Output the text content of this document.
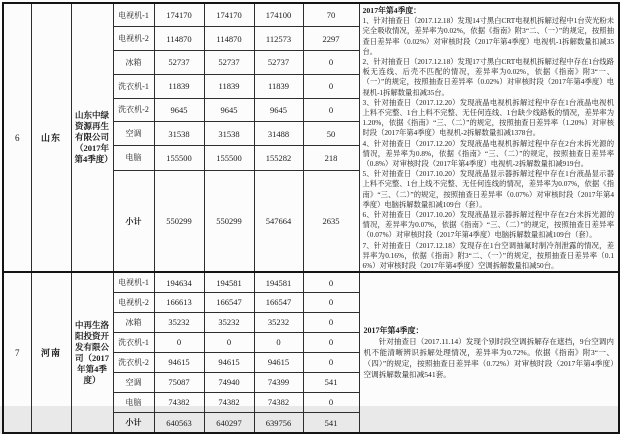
6	山东	山东中绿资源再生有限公司（2017年第4季度）	电视机-1	174170	174170	174100	70	2017年第4季度：

1、针对抽查日（2017.12.18）发现14寸黑白CRT电视机拆解过程中1台荧光粉未完全吸收情况，差异率为0.02%，依据《指南》附3“二、（一）”的规定，按照抽查日差异率（0.02%）对审核时段（2017年第4季度）电视机-1拆解数量扣减35台。

2、针对抽查日（2017.12.18）发现17寸黑白CRT电视机拆解过程中存在1台线路板无连线、后壳不匹配的情况，差异率为0.02%，依据《指南》附3“一、（一）”的规定，按照抽查日差异率（0.02%）对审核时段（2017年第4季度）电视机-1拆解数量扣减35台。

3、针对抽查日（2017.12.20）发现液晶电视机拆解过程中存在1台液晶电视机上料不完整、1台上料不完整、无任何连线、1台缺少线路板的情况，差异率为1.20%，依据《指南》“三、（二）”的规定，按照抽查日差异率（1.20%）对审核时段（2017年第4季度）电视机-2拆解数量扣减1378台。

4、针对抽查日（2017.12.20）发现液晶电视机拆解过程中存在2台未拆光源的情况，差异率为0.8%，依据《指南》“三、（二）”的规定，按照抽查日差异率（0.8%）对审核时段（2017年第4季度）电视机-2拆解数量扣减919台。

5、针对抽查日（2017.10.20）发现液晶显示器拆解过程中存在1台液晶显示器上料不完整、1台上线不完整、无任何连线的情况，差异率为0.07%，依据《指南》“三、（二）”的规定，按照抽查日差异率（0.07%）对审核时段（2017年第4季度）电脑拆解数量扣减109台（套）。

6、针对抽查日（2017.10.20）发现液晶显示器拆解过程中存在2台未拆光源的情况，差异率为0.07%，依据《指南》“三、（二）”的规定，按照抽查日差异率（0.07%）对审核时段（2017年第4季度）电脑拆解数量扣减109台（套）。

7、针对抽查日（2017.12.18）发现存在1台空调抽氟时制冷剂泄露的情况，差异率为0.16%，依据《指南》附3“二、（一）”的规定，按照抽查日差异率（0.16%）对审核时段（2017年第4季度）空调拆解数量扣减50台。

			电视机-2	114870	114870	112573	2297	
			冰箱	52737	52737	52737	0	
			洗衣机-1	11839	11839	11839	0	
			洗衣机-2	9645	9645	9645	0	
			空调	31538	31538	31488	50	
			电脑	155500	155500	155282	218	
			小计	550299	550299	547664	2635	
7	河南	中再生洛阳投资开发有限公司（2017年第4季度）	电视机-1	194634	194581	194581	0	2017年第4季度：

针对抽查日（2017.11.14）发现个别时段空调拆解存在遮挡，9台空调内机不能清晰辨识拆解处理情况，差异率为0.72%。依据《指南》附3“一、（四）”的规定，按照抽查日差异率（0.72%）对审核时段（2017年第4季度）空调拆解数量扣减541套。

			电视机-2	166613	166547	166547	0	
			冰箱	35232	35232	35232	0	
			洗衣机-1	0	0	0	0	
			洗衣机-2	94615	94615	94615	0	
			空调	75087	74940	74399	541	
			电脑	74382	74382	74382	0	
			小计	640563	640297	639756	541	
